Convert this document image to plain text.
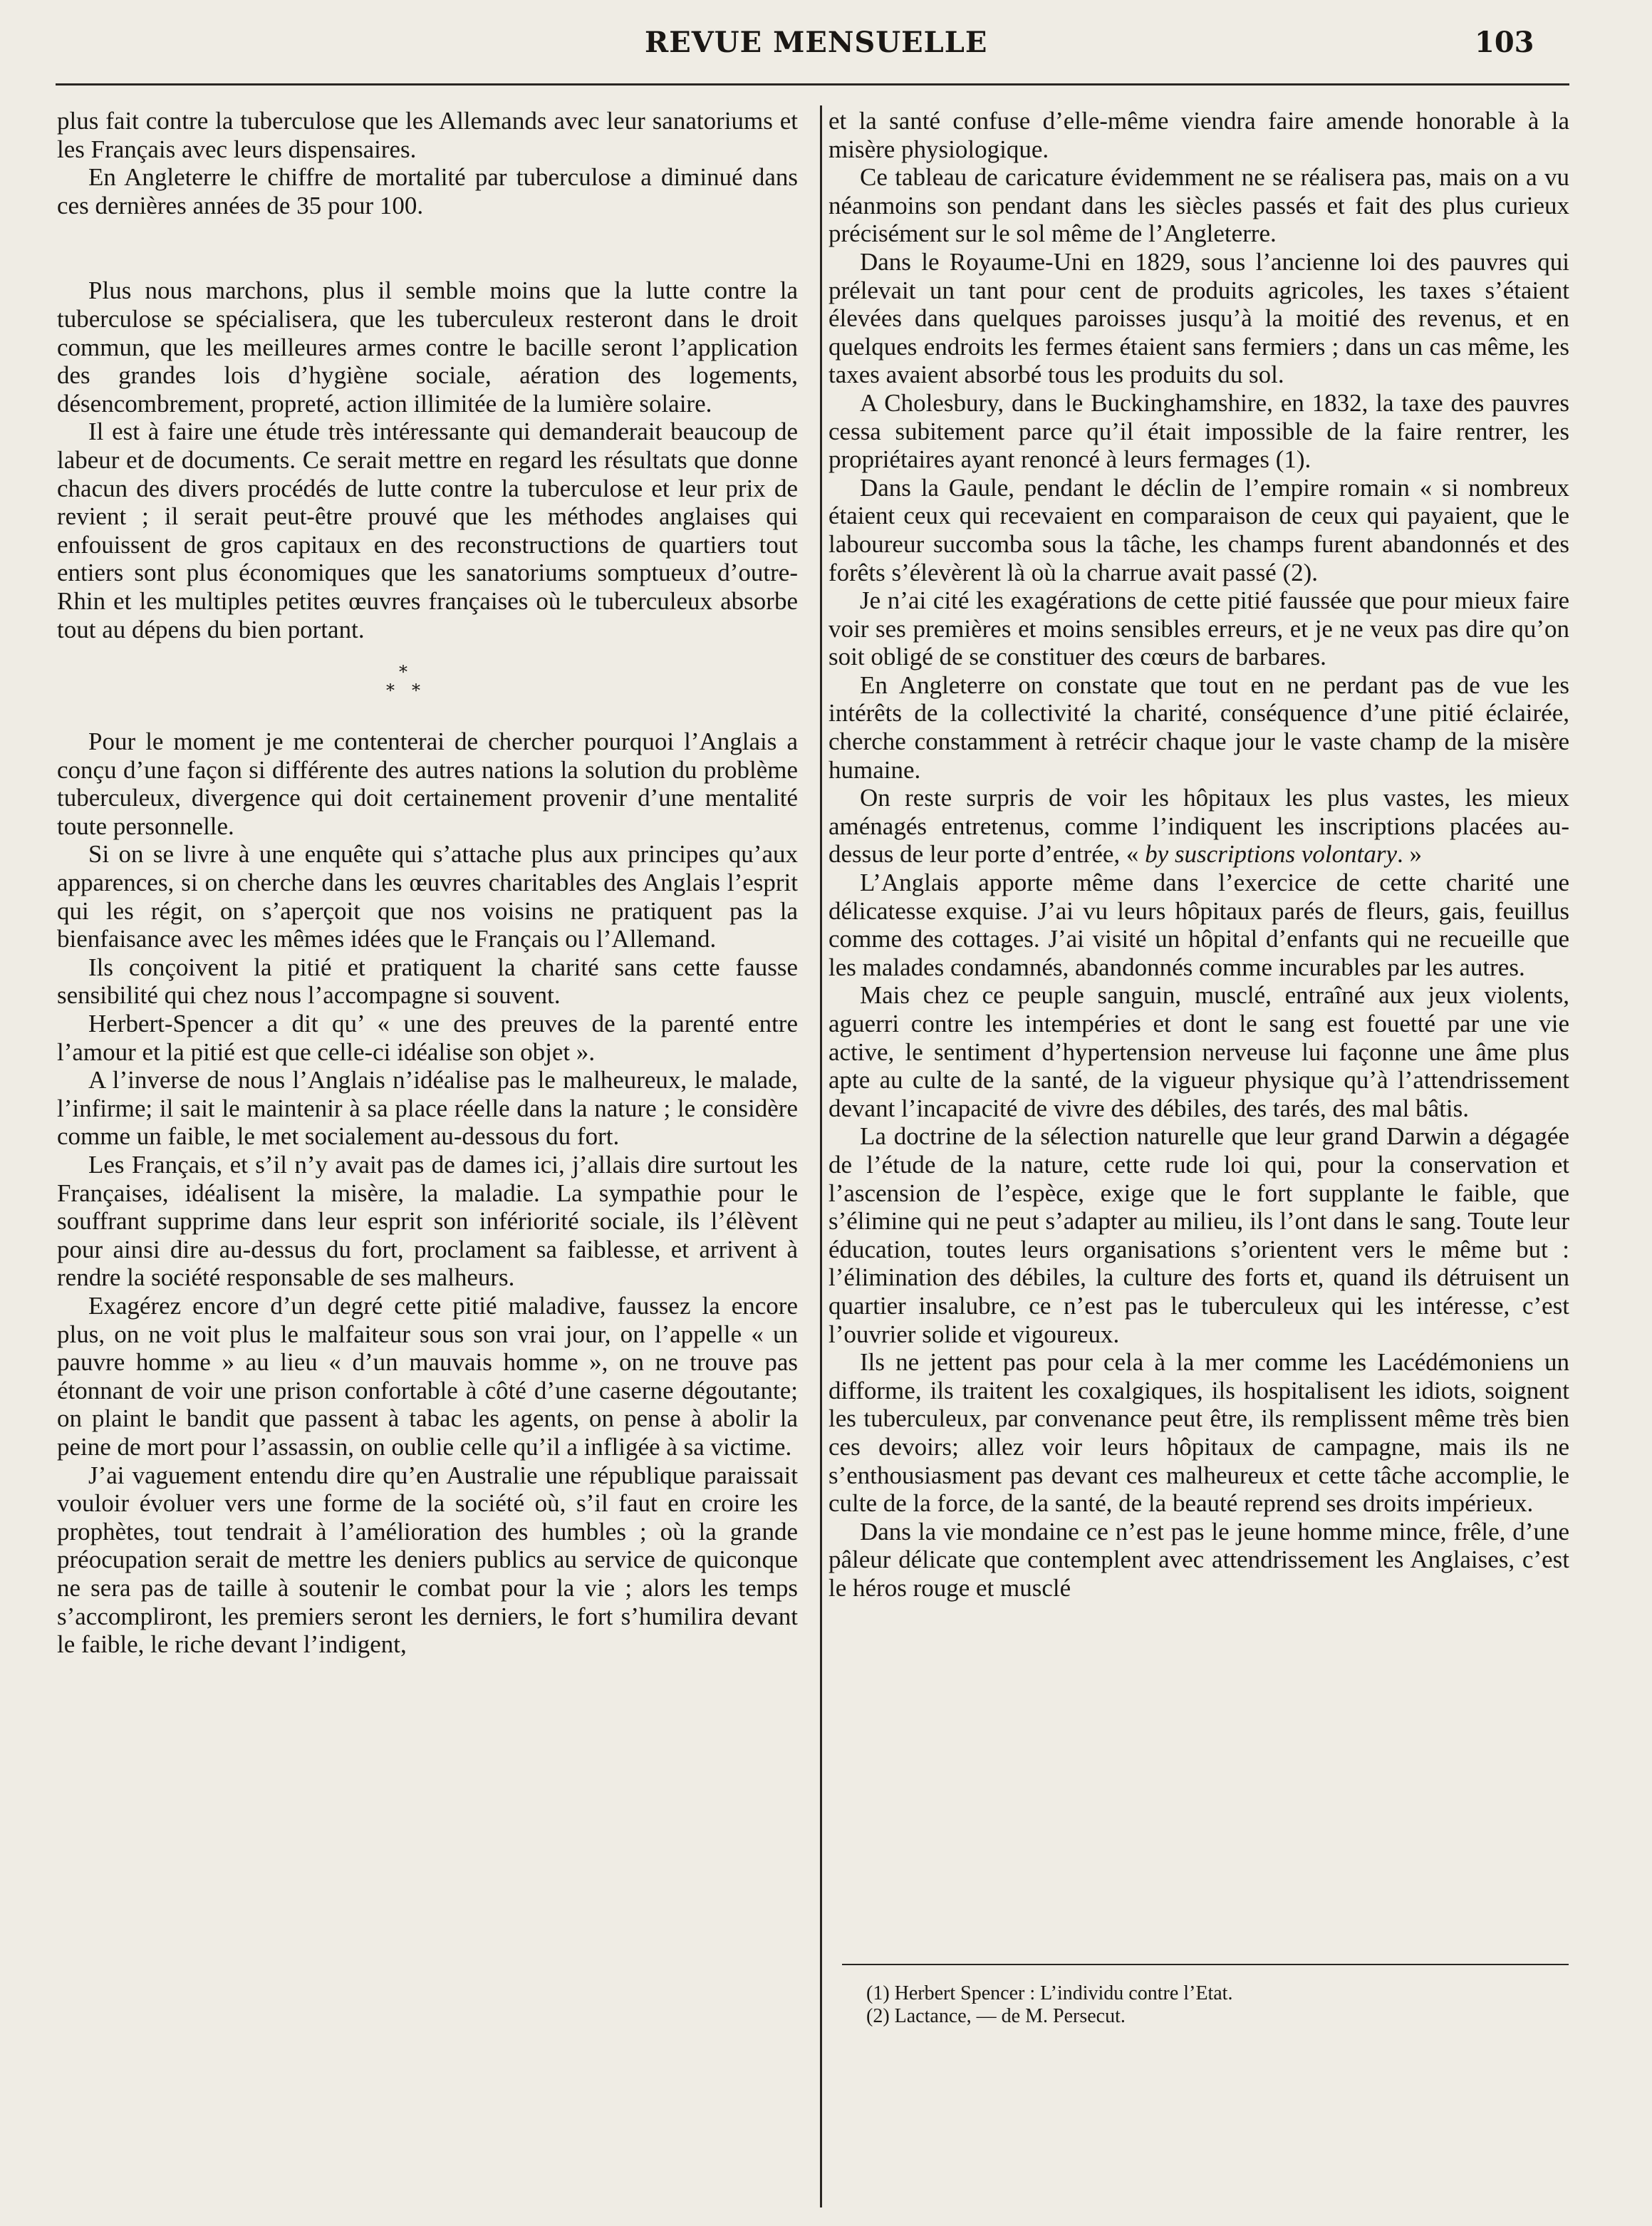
REVUE MENSUELLE	103

plus fait contre la tuberculose que les Allemands avec leur sanatoriums et les Français avec leurs dispensaires.

En Angleterre le chiffre de mortalité par tuberculose a diminué dans ces dernières années de 35 pour 100.

Plus nous marchons, plus il semble moins que la lutte contre la tuberculose se spécialisera, que les tuberculeux resteront dans le droit commun, que les meilleures armes contre le bacille seront l’application des grandes lois d’hygiène sociale, aération des logements, désencombrement, propreté, action illimitée de la lumière solaire.

Il est à faire une étude très intéressante qui demanderait beaucoup de labeur et de documents. Ce serait mettre en regard les résultats que donne chacun des divers procédés de lutte contre la tuberculose et leur prix de revient ; il serait peut-être prouvé que les méthodes anglaises qui enfouissent de gros capitaux en des reconstructions de quartiers tout entiers sont plus économiques que les sanatoriums somptueux d’outre-Rhin et les multiples petites œuvres françaises où le tuberculeux absorbe tout au dépens du bien portant.

*
* *

Pour le moment je me contenterai de chercher pourquoi l’Anglais a conçu d’une façon si différente des autres nations la solution du problème tuberculeux, divergence qui doit certainement provenir d’une mentalité toute personnelle.

Si on se livre à une enquête qui s’attache plus aux principes qu’aux apparences, si on cherche dans les œuvres charitables des Anglais l’esprit qui les régit, on s’aperçoit que nos voisins ne pratiquent pas la bienfaisance avec les mêmes idées que le Français ou l’Allemand.

Ils conçoivent la pitié et pratiquent la charité sans cette fausse sensibilité qui chez nous l’accompagne si souvent.

Herbert-Spencer a dit qu’ « une des preuves de la parenté entre l’amour et la pitié est que celle-ci idéalise son objet ».

A l’inverse de nous l’Anglais n’idéalise pas le malheureux, le malade, l’infirme; il sait le maintenir à sa place réelle dans la nature ; le considère comme un faible, le met socialement au-dessous du fort.

Les Français, et s’il n’y avait pas de dames ici, j’allais dire surtout les Françaises, idéalisent la misère, la maladie. La sympathie pour le souffrant supprime dans leur esprit son infériorité sociale, ils l’élèvent pour ainsi dire au-dessus du fort, proclament sa faiblesse, et arrivent à rendre la société responsable de ses malheurs.

Exagérez encore d’un degré cette pitié maladive, faussez la encore plus, on ne voit plus le malfaiteur sous son vrai jour, on l’appelle « un pauvre homme » au lieu « d’un mauvais homme », on ne trouve pas étonnant de voir une prison confortable à côté d’une caserne dégoutante; on plaint le bandit que passent à tabac les agents, on pense à abolir la peine de mort pour l’assassin, on oublie celle qu’il a infligée à sa victime.

J’ai vaguement entendu dire qu’en Australie une république paraissait vouloir évoluer vers une forme de la société où, s’il faut en croire les prophètes, tout tendrait à l’amélioration des humbles ; où la grande préocupation serait de mettre les deniers publics au service de quiconque ne sera pas de taille à soutenir le combat pour la vie ; alors les temps s’accompliront, les premiers seront les derniers, le fort s’humilira devant le faible, le riche devant l’indigent,

et la santé confuse d’elle-même viendra faire amende honorable à la misère physiologique.

Ce tableau de caricature évidemment ne se réalisera pas, mais on a vu néanmoins son pendant dans les siècles passés et fait des plus curieux précisément sur le sol même de l’Angleterre.

Dans le Royaume-Uni en 1829, sous l’ancienne loi des pauvres qui prélevait un tant pour cent de produits agricoles, les taxes s’étaient élevées dans quelques paroisses jusqu’à la moitié des revenus, et en quelques endroits les fermes étaient sans fermiers ; dans un cas même, les taxes avaient absorbé tous les produits du sol.

A Cholesbury, dans le Buckinghamshire, en 1832, la taxe des pauvres cessa subitement parce qu’il était impossible de la faire rentrer, les propriétaires ayant renoncé à leurs fermages (1).

Dans la Gaule, pendant le déclin de l’empire romain « si nombreux étaient ceux qui recevaient en comparaison de ceux qui payaient, que le laboureur succomba sous la tâche, les champs furent abandonnés et des forêts s’élevèrent là où la charrue avait passé (2).

Je n’ai cité les exagérations de cette pitié faussée que pour mieux faire voir ses premières et moins sensibles erreurs, et je ne veux pas dire qu’on soit obligé de se constituer des cœurs de barbares.

En Angleterre on constate que tout en ne perdant pas de vue les intérêts de la collectivité la charité, conséquence d’une pitié éclairée, cherche constamment à retrécir chaque jour le vaste champ de la misère humaine.

On reste surpris de voir les hôpitaux les plus vastes, les mieux aménagés entretenus, comme l’indiquent les inscriptions placées au-dessus de leur porte d’entrée, « by suscriptions volontary. »

L’Anglais apporte même dans l’exercice de cette charité une délicatesse exquise. J’ai vu leurs hôpitaux parés de fleurs, gais, feuillus comme des cottages. J’ai visité un hôpital d’enfants qui ne recueille que les malades condamnés, abandonnés comme incurables par les autres.

Mais chez ce peuple sanguin, musclé, entraîné aux jeux violents, aguerri contre les intempéries et dont le sang est fouetté par une vie active, le sentiment d’hypertension nerveuse lui façonne une âme plus apte au culte de la santé, de la vigueur physique qu’à l’attendrissement devant l’incapacité de vivre des débiles, des tarés, des mal bâtis.

La doctrine de la sélection naturelle que leur grand Darwin a dégagée de l’étude de la nature, cette rude loi qui, pour la conservation et l’ascension de l’espèce, exige que le fort supplante le faible, que s’élimine qui ne peut s’adapter au milieu, ils l’ont dans le sang. Toute leur éducation, toutes leurs organisations s’orientent vers le même but : l’élimination des débiles, la culture des forts et, quand ils détruisent un quartier insalubre, ce n’est pas le tuberculeux qui les intéresse, c’est l’ouvrier solide et vigoureux.

Ils ne jettent pas pour cela à la mer comme les Lacédémoniens un difforme, ils traitent les coxalgiques, ils hospitalisent les idiots, soignent les tuberculeux, par convenance peut être, ils remplissent même très bien ces devoirs; allez voir leurs hôpitaux de campagne, mais ils ne s’enthousiasment pas devant ces malheureux et cette tâche accomplie, le culte de la force, de la santé, de la beauté reprend ses droits impérieux.

Dans la vie mondaine ce n’est pas le jeune homme mince, frêle, d’une pâleur délicate que contemplent avec attendrissement les Anglaises, c’est le héros rouge et musclé

(1) Herbert Spencer : L’individu contre l’Etat.
(2) Lactance, — de M. Persecut.
